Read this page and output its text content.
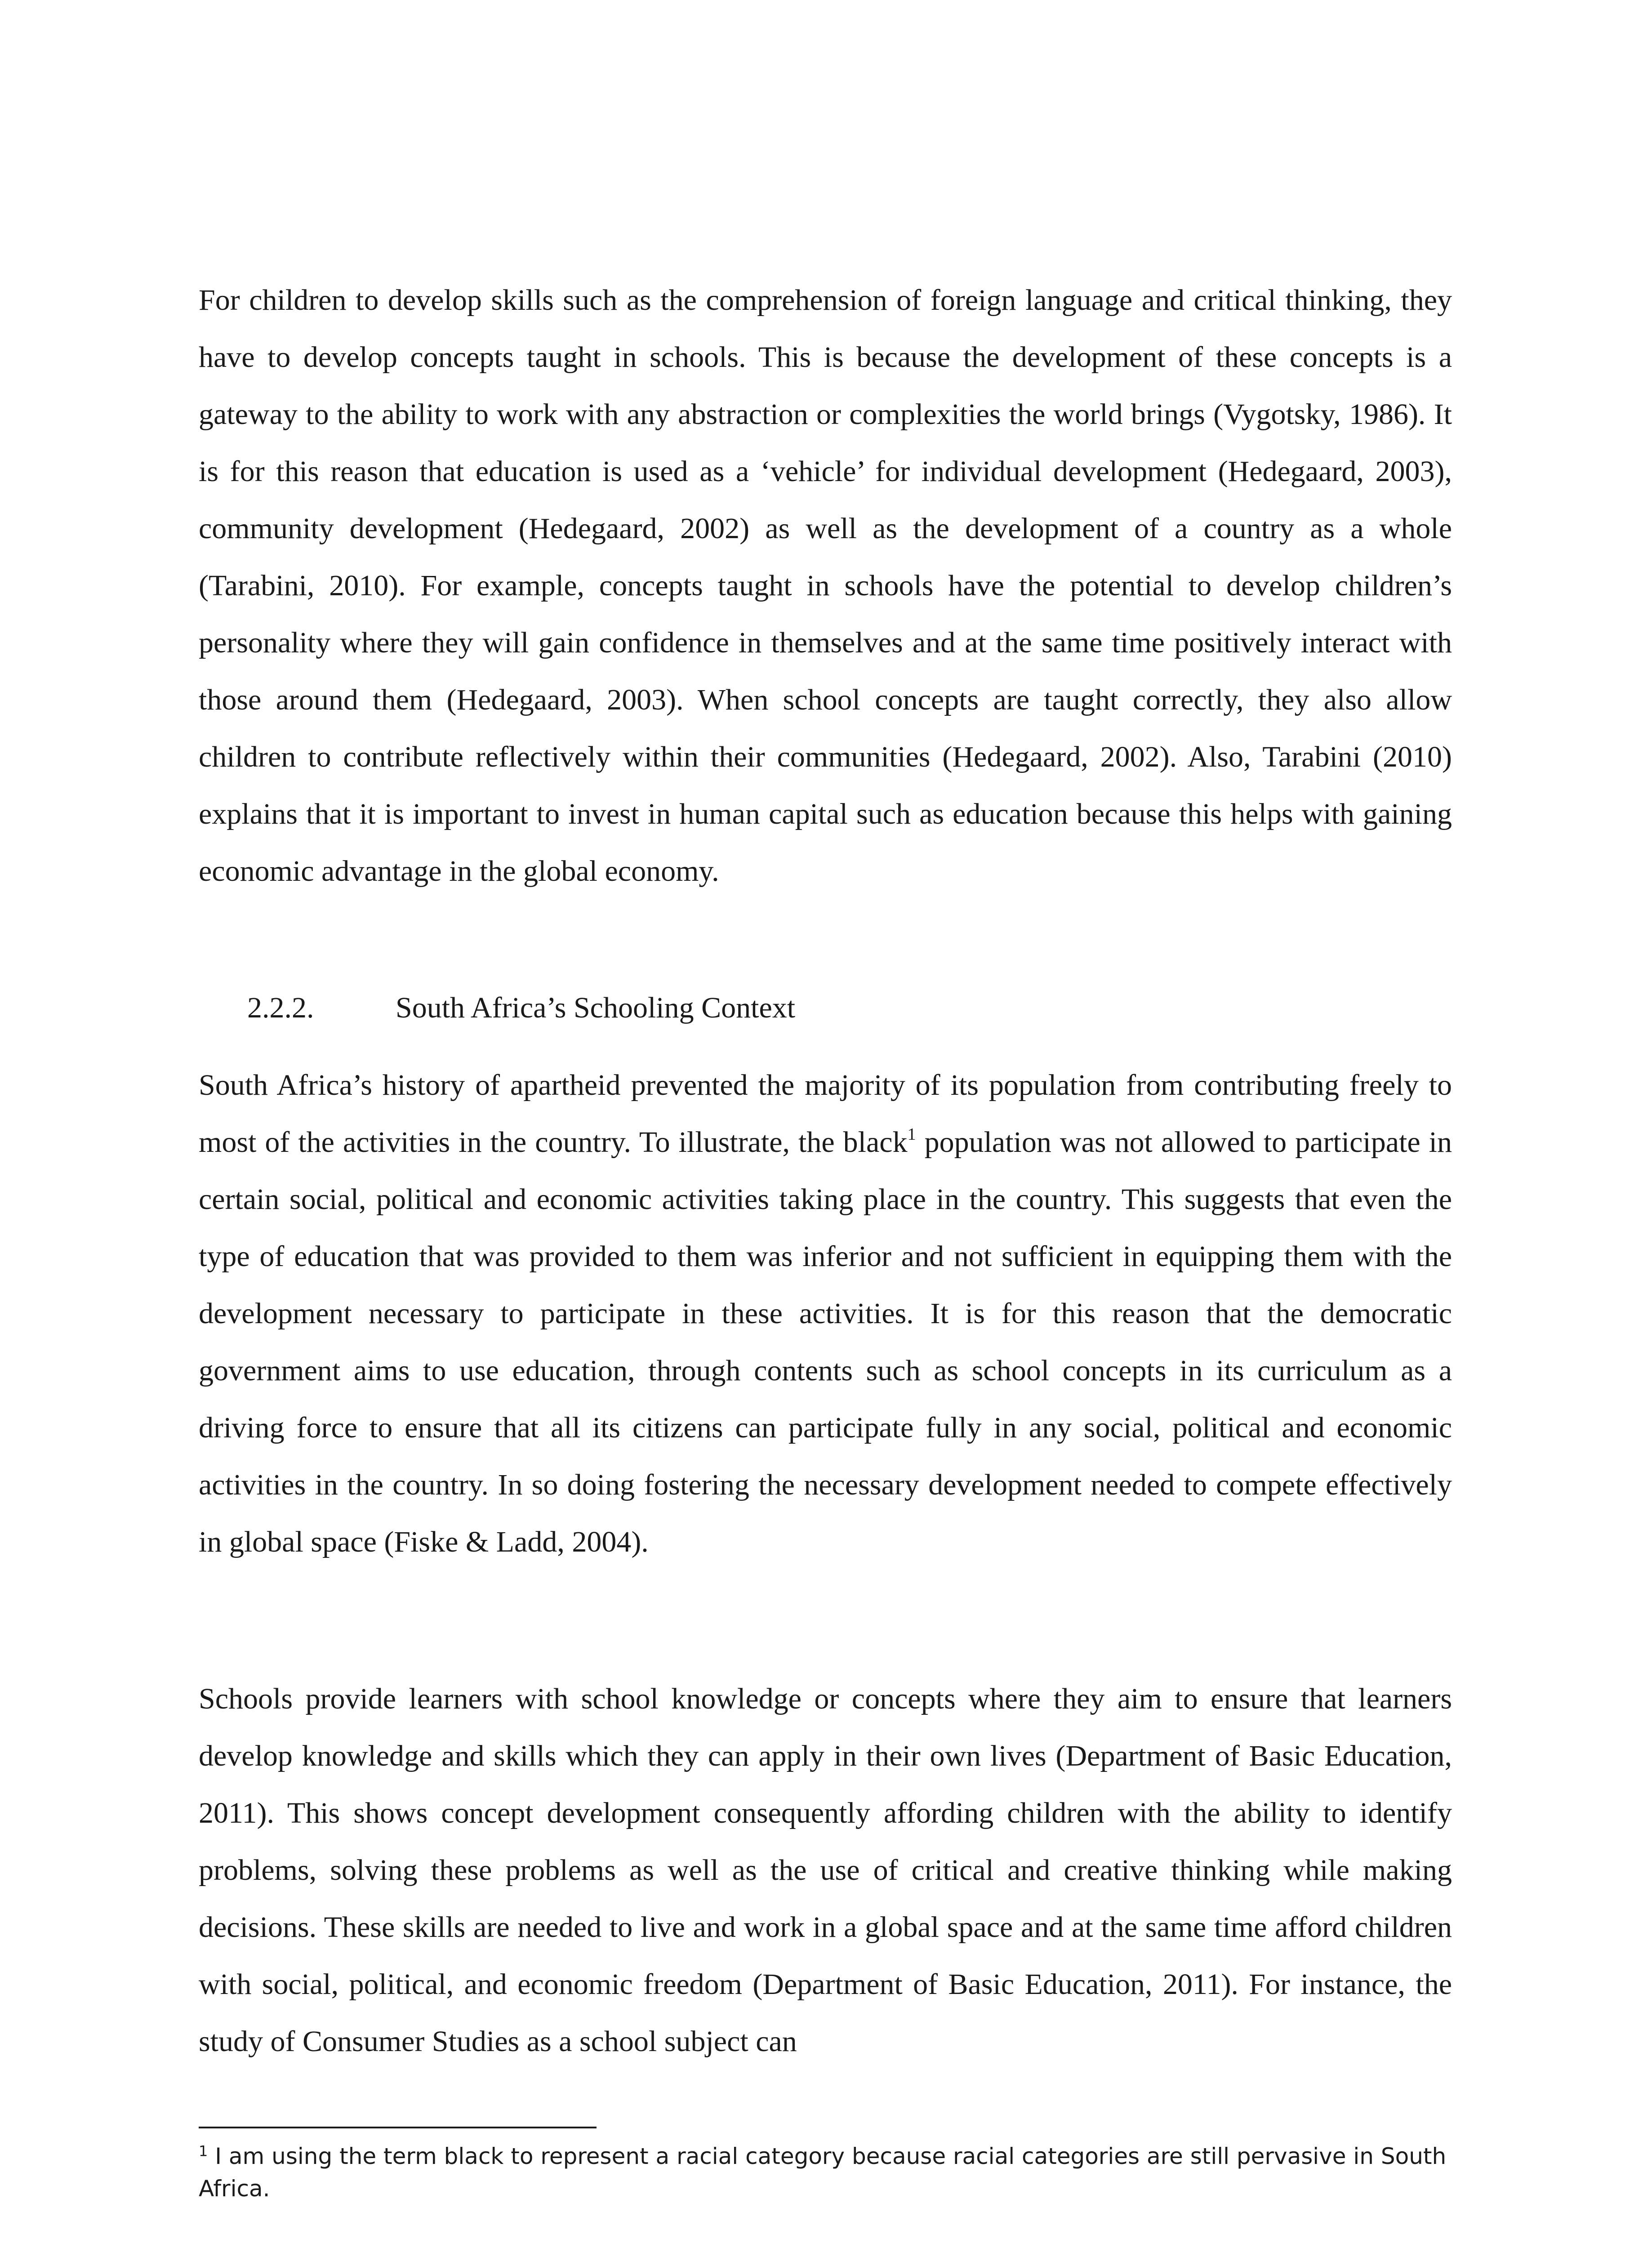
For children to develop skills such as the comprehension of foreign language and critical thinking, they have to develop concepts taught in schools. This is because the development of these concepts is a gateway to the ability to work with any abstraction or complexities the world brings (Vygotsky, 1986). It is for this reason that education is used as a ‘vehicle’ for individual development (Hedegaard, 2003), community development (Hedegaard, 2002) as well as the development of a country as a whole (Tarabini, 2010). For example, concepts taught in schools have the potential to develop children’s personality where they will gain confidence in themselves and at the same time positively interact with those around them (Hedegaard, 2003). When school concepts are taught correctly, they also allow children to contribute reflectively within their communities (Hedegaard, 2002). Also, Tarabini (2010) explains that it is important to invest in human capital such as education because this helps with gaining economic advantage in the global economy.

2.2.2.	South Africa’s Schooling Context

South Africa’s history of apartheid prevented the majority of its population from contributing freely to most of the activities in the country. To illustrate, the black$^1$ population was not allowed to participate in certain social, political and economic activities taking place in the country. This suggests that even the type of education that was provided to them was inferior and not sufficient in equipping them with the development necessary to participate in these activities. It is for this reason that the democratic government aims to use education, through contents such as school concepts in its curriculum as a driving force to ensure that all its citizens can participate fully in any social, political and economic activities in the country. In so doing fostering the necessary development needed to compete effectively in global space (Fiske & Ladd, 2004).

Schools provide learners with school knowledge or concepts where they aim to ensure that learners develop knowledge and skills which they can apply in their own lives (Department of Basic Education, 2011). This shows concept development consequently affording children with the ability to identify problems, solving these problems as well as the use of critical and creative thinking while making decisions. These skills are needed to live and work in a global space and at the same time afford children with social, political, and economic freedom (Department of Basic Education, 2011). For instance, the study of Consumer Studies as a school subject can

$^1$ I am using the term black to represent a racial category because racial categories are still pervasive in South Africa.
